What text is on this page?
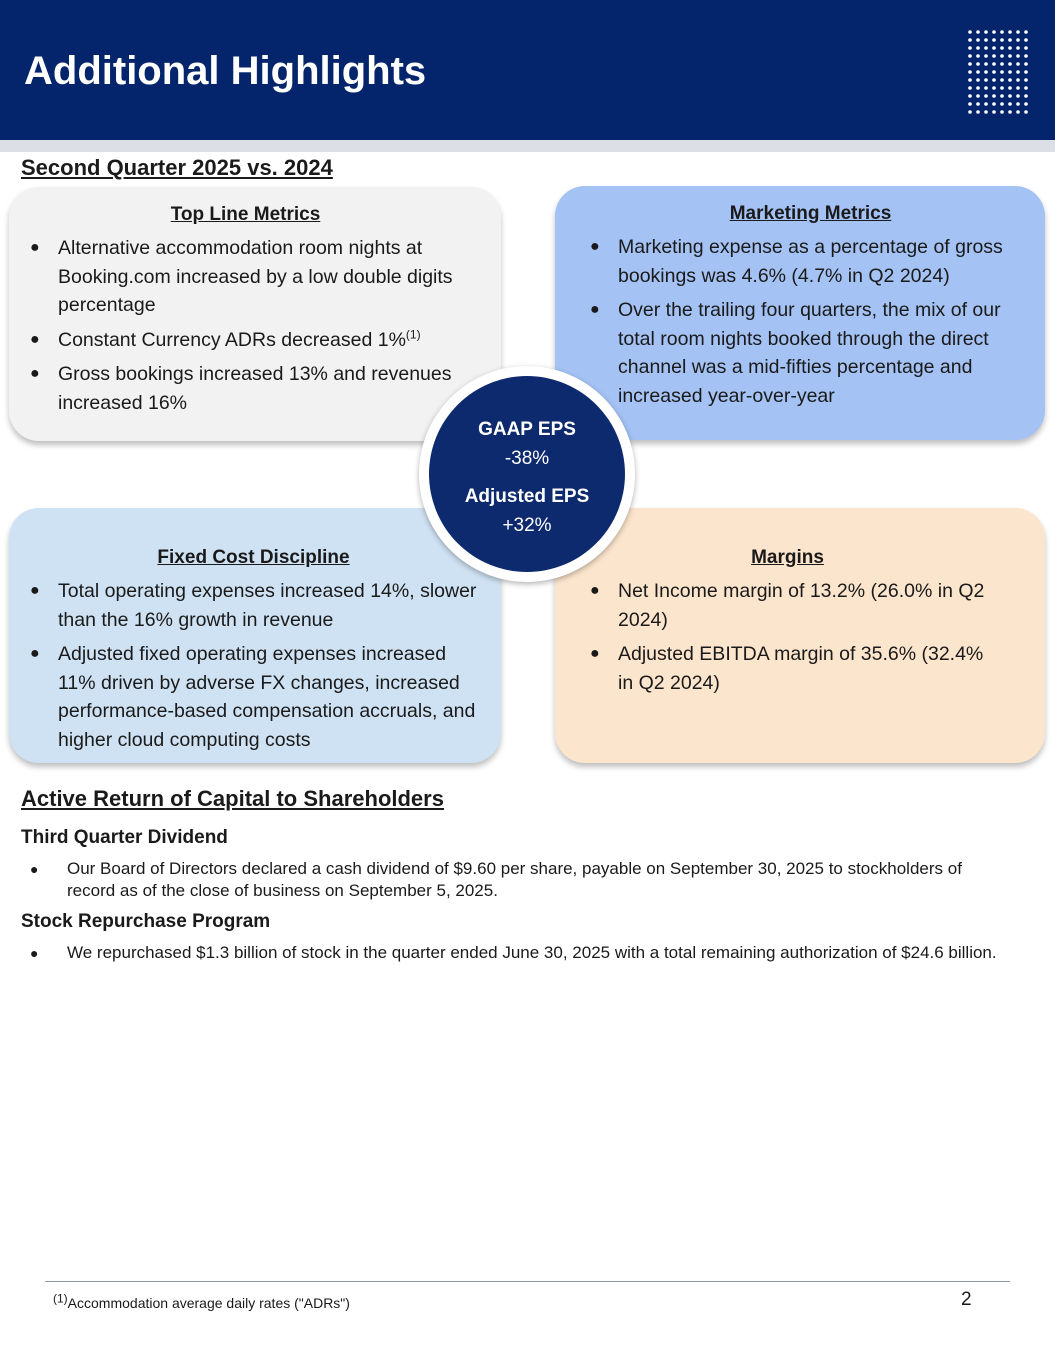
Additional Highlights
Second Quarter 2025 vs. 2024
Top Line Metrics
● Alternative accommodation room nights at Booking.com increased by a low double digits percentage
● Constant Currency ADRs decreased 1%$^{(1)}$
● Gross bookings increased 13% and revenues increased 16%
Marketing Metrics
● Marketing expense as a percentage of gross bookings was 4.6% (4.7% in Q2 2024)
● Over the trailing four quarters, the mix of our total room nights booked through the direct channel was a mid-fifties percentage and increased year-over-year
Fixed Cost Discipline
● Total operating expenses increased 14%, slower than the 16% growth in revenue
● Adjusted fixed operating expenses increased 11% driven by adverse FX changes, increased performance-based compensation accruals, and higher cloud computing costs
Margins
● Net Income margin of 13.2% (26.0% in Q2 2024)
● Adjusted EBITDA margin of 35.6% (32.4% in Q2 2024)
GAAP EPS
-38%
Adjusted EPS
+32%
Active Return of Capital to Shareholders
Third Quarter Dividend
● Our Board of Directors declared a cash dividend of $9.60 per share, payable on September 30, 2025 to stockholders of record as of the close of business on September 5, 2025.
Stock Repurchase Program
● We repurchased $1.3 billion of stock in the quarter ended June 30, 2025 with a total remaining authorization of $24.6 billion.
(1)Accommodation average daily rates ("ADRs")	2
